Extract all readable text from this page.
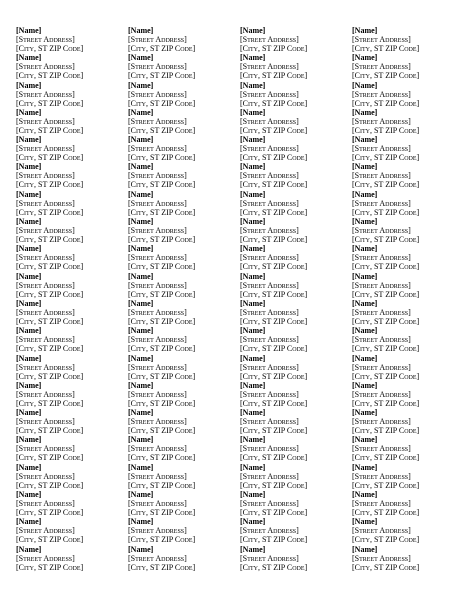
[Name]
[Street Address]
[City, ST ZIP Code]
[Name]
[Street Address]
[City, ST ZIP Code]
[Name]
[Street Address]
[City, ST ZIP Code]
[Name]
[Street Address]
[City, ST ZIP Code]
[Name]
[Street Address]
[City, ST ZIP Code]
[Name]
[Street Address]
[City, ST ZIP Code]
[Name]
[Street Address]
[City, ST ZIP Code]
[Name]
[Street Address]
[City, ST ZIP Code]
[Name]
[Street Address]
[City, ST ZIP Code]
[Name]
[Street Address]
[City, ST ZIP Code]
[Name]
[Street Address]
[City, ST ZIP Code]
[Name]
[Street Address]
[City, ST ZIP Code]
[Name]
[Street Address]
[City, ST ZIP Code]
[Name]
[Street Address]
[City, ST ZIP Code]
[Name]
[Street Address]
[City, ST ZIP Code]
[Name]
[Street Address]
[City, ST ZIP Code]
[Name]
[Street Address]
[City, ST ZIP Code]
[Name]
[Street Address]
[City, ST ZIP Code]
[Name]
[Street Address]
[City, ST ZIP Code]
[Name]
[Street Address]
[City, ST ZIP Code]
[Name]
[Street Address]
[City, ST ZIP Code]
[Name]
[Street Address]
[City, ST ZIP Code]
[Name]
[Street Address]
[City, ST ZIP Code]
[Name]
[Street Address]
[City, ST ZIP Code]
[Name]
[Street Address]
[City, ST ZIP Code]
[Name]
[Street Address]
[City, ST ZIP Code]
[Name]
[Street Address]
[City, ST ZIP Code]
[Name]
[Street Address]
[City, ST ZIP Code]
[Name]
[Street Address]
[City, ST ZIP Code]
[Name]
[Street Address]
[City, ST ZIP Code]
[Name]
[Street Address]
[City, ST ZIP Code]
[Name]
[Street Address]
[City, ST ZIP Code]
[Name]
[Street Address]
[City, ST ZIP Code]
[Name]
[Street Address]
[City, ST ZIP Code]
[Name]
[Street Address]
[City, ST ZIP Code]
[Name]
[Street Address]
[City, ST ZIP Code]
[Name]
[Street Address]
[City, ST ZIP Code]
[Name]
[Street Address]
[City, ST ZIP Code]
[Name]
[Street Address]
[City, ST ZIP Code]
[Name]
[Street Address]
[City, ST ZIP Code]
[Name]
[Street Address]
[City, ST ZIP Code]
[Name]
[Street Address]
[City, ST ZIP Code]
[Name]
[Street Address]
[City, ST ZIP Code]
[Name]
[Street Address]
[City, ST ZIP Code]
[Name]
[Street Address]
[City, ST ZIP Code]
[Name]
[Street Address]
[City, ST ZIP Code]
[Name]
[Street Address]
[City, ST ZIP Code]
[Name]
[Street Address]
[City, ST ZIP Code]
[Name]
[Street Address]
[City, ST ZIP Code]
[Name]
[Street Address]
[City, ST ZIP Code]
[Name]
[Street Address]
[City, ST ZIP Code]
[Name]
[Street Address]
[City, ST ZIP Code]
[Name]
[Street Address]
[City, ST ZIP Code]
[Name]
[Street Address]
[City, ST ZIP Code]
[Name]
[Street Address]
[City, ST ZIP Code]
[Name]
[Street Address]
[City, ST ZIP Code]
[Name]
[Street Address]
[City, ST ZIP Code]
[Name]
[Street Address]
[City, ST ZIP Code]
[Name]
[Street Address]
[City, ST ZIP Code]
[Name]
[Street Address]
[City, ST ZIP Code]
[Name]
[Street Address]
[City, ST ZIP Code]
[Name]
[Street Address]
[City, ST ZIP Code]
[Name]
[Street Address]
[City, ST ZIP Code]
[Name]
[Street Address]
[City, ST ZIP Code]
[Name]
[Street Address]
[City, ST ZIP Code]
[Name]
[Street Address]
[City, ST ZIP Code]
[Name]
[Street Address]
[City, ST ZIP Code]
[Name]
[Street Address]
[City, ST ZIP Code]
[Name]
[Street Address]
[City, ST ZIP Code]
[Name]
[Street Address]
[City, ST ZIP Code]
[Name]
[Street Address]
[City, ST ZIP Code]
[Name]
[Street Address]
[City, ST ZIP Code]
[Name]
[Street Address]
[City, ST ZIP Code]
[Name]
[Street Address]
[City, ST ZIP Code]
[Name]
[Street Address]
[City, ST ZIP Code]
[Name]
[Street Address]
[City, ST ZIP Code]
[Name]
[Street Address]
[City, ST ZIP Code]
[Name]
[Street Address]
[City, ST ZIP Code]
[Name]
[Street Address]
[City, ST ZIP Code]
[Name]
[Street Address]
[City, ST ZIP Code]
